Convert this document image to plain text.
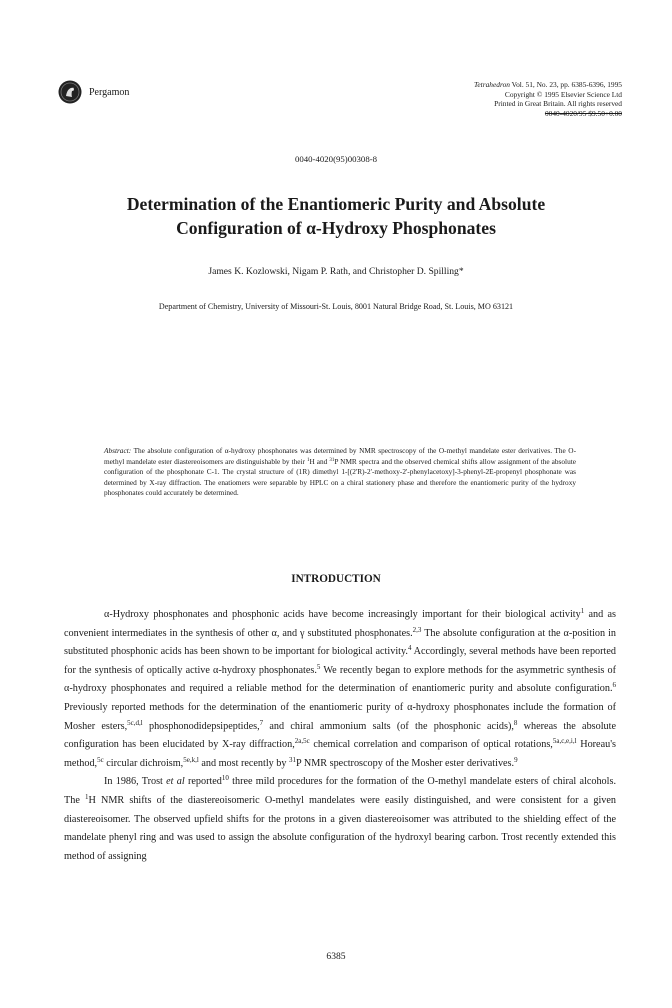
Pergamon
Tetrahedron Vol. 51, No. 23, pp. 6385-6396, 1995
Copyright © 1995 Elsevier Science Ltd
Printed in Great Britain. All rights reserved
0040-4020/95 $9.50+0.00
0040-4020(95)00308-8
Determination of the Enantiomeric Purity and Absolute
Configuration of α-Hydroxy Phosphonates
James K. Kozlowski, Nigam P. Rath, and Christopher D. Spilling*
Department of Chemistry, University of Missouri-St. Louis, 8001 Natural Bridge Road, St. Louis, MO 63121
Abstract: The absolute configuration of α-hydroxy phosphonates was determined by NMR spectroscopy of the O-methyl mandelate ester derivatives. The O-methyl mandelate ester diastereoisomers are distinguishable by their $^1$H and $^{31}$P NMR spectra and the observed chemical shifts allow assignment of the absolute configuration of the phosphonate C-1. The crystal structure of (1R) dimethyl 1-[(2'R)-2'-methoxy-2'-phenylacetoxy]-3-phenyl-2E-propenyl phosphonate was determined by X-ray diffraction. The enatiomers were separable by HPLC on a chiral stationery phase and therefore the enantiomeric purity of the hydroxy phosphonates could accurately be determined.
INTRODUCTION

α-Hydroxy phosphonates and phosphonic acids have become increasingly important for their biological activity$^1$ and as convenient intermediates in the synthesis of other α, and γ substituted phosphonates.$^{2,3}$ The absolute configuration at the α-position in substituted phosphonic acids has been shown to be important for biological activity.$^4$ Accordingly, several methods have been reported for the synthesis of optically active α-hydroxy phosphonates.$^5$ We recently began to explore methods for the asymmetric synthesis of α-hydroxy phosphonates and required a reliable method for the determination of enantiomeric purity and absolute configuration.$^6$ Previously reported methods for the determination of the enantiomeric purity of α-hydroxy phosphonates include the formation of Mosher esters,$^{5c,d,l}$ phosphonodidepsipeptides,$^7$ and chiral ammonium salts (of the phosphonic acids),$^8$ whereas the absolute configuration has been elucidated by X-ray diffraction,$^{2a,5c}$ chemical correlation and comparison of optical rotations,$^{5a,c,e,i,l}$ Horeau's method,$^{5c}$ circular dichroism,$^{5e,k,l}$ and most recently by $^{31}$P NMR spectroscopy of the Mosher ester derivatives.$^9$

In 1986, Trost et al reported$^{10}$ three mild procedures for the formation of the O-methyl mandelate esters of chiral alcohols. The $^1$H NMR shifts of the diastereoisomeric O-methyl mandelates were easily distinguished, and were consistent for a given diastereoisomer. The observed upfield shifts for the protons in a given diastereoisomer was attributed to the shielding effect of the mandelate phenyl ring and was used to assign the absolute configuration of the hydroxyl bearing carbon. Trost recently extended this method of assigning

6385
